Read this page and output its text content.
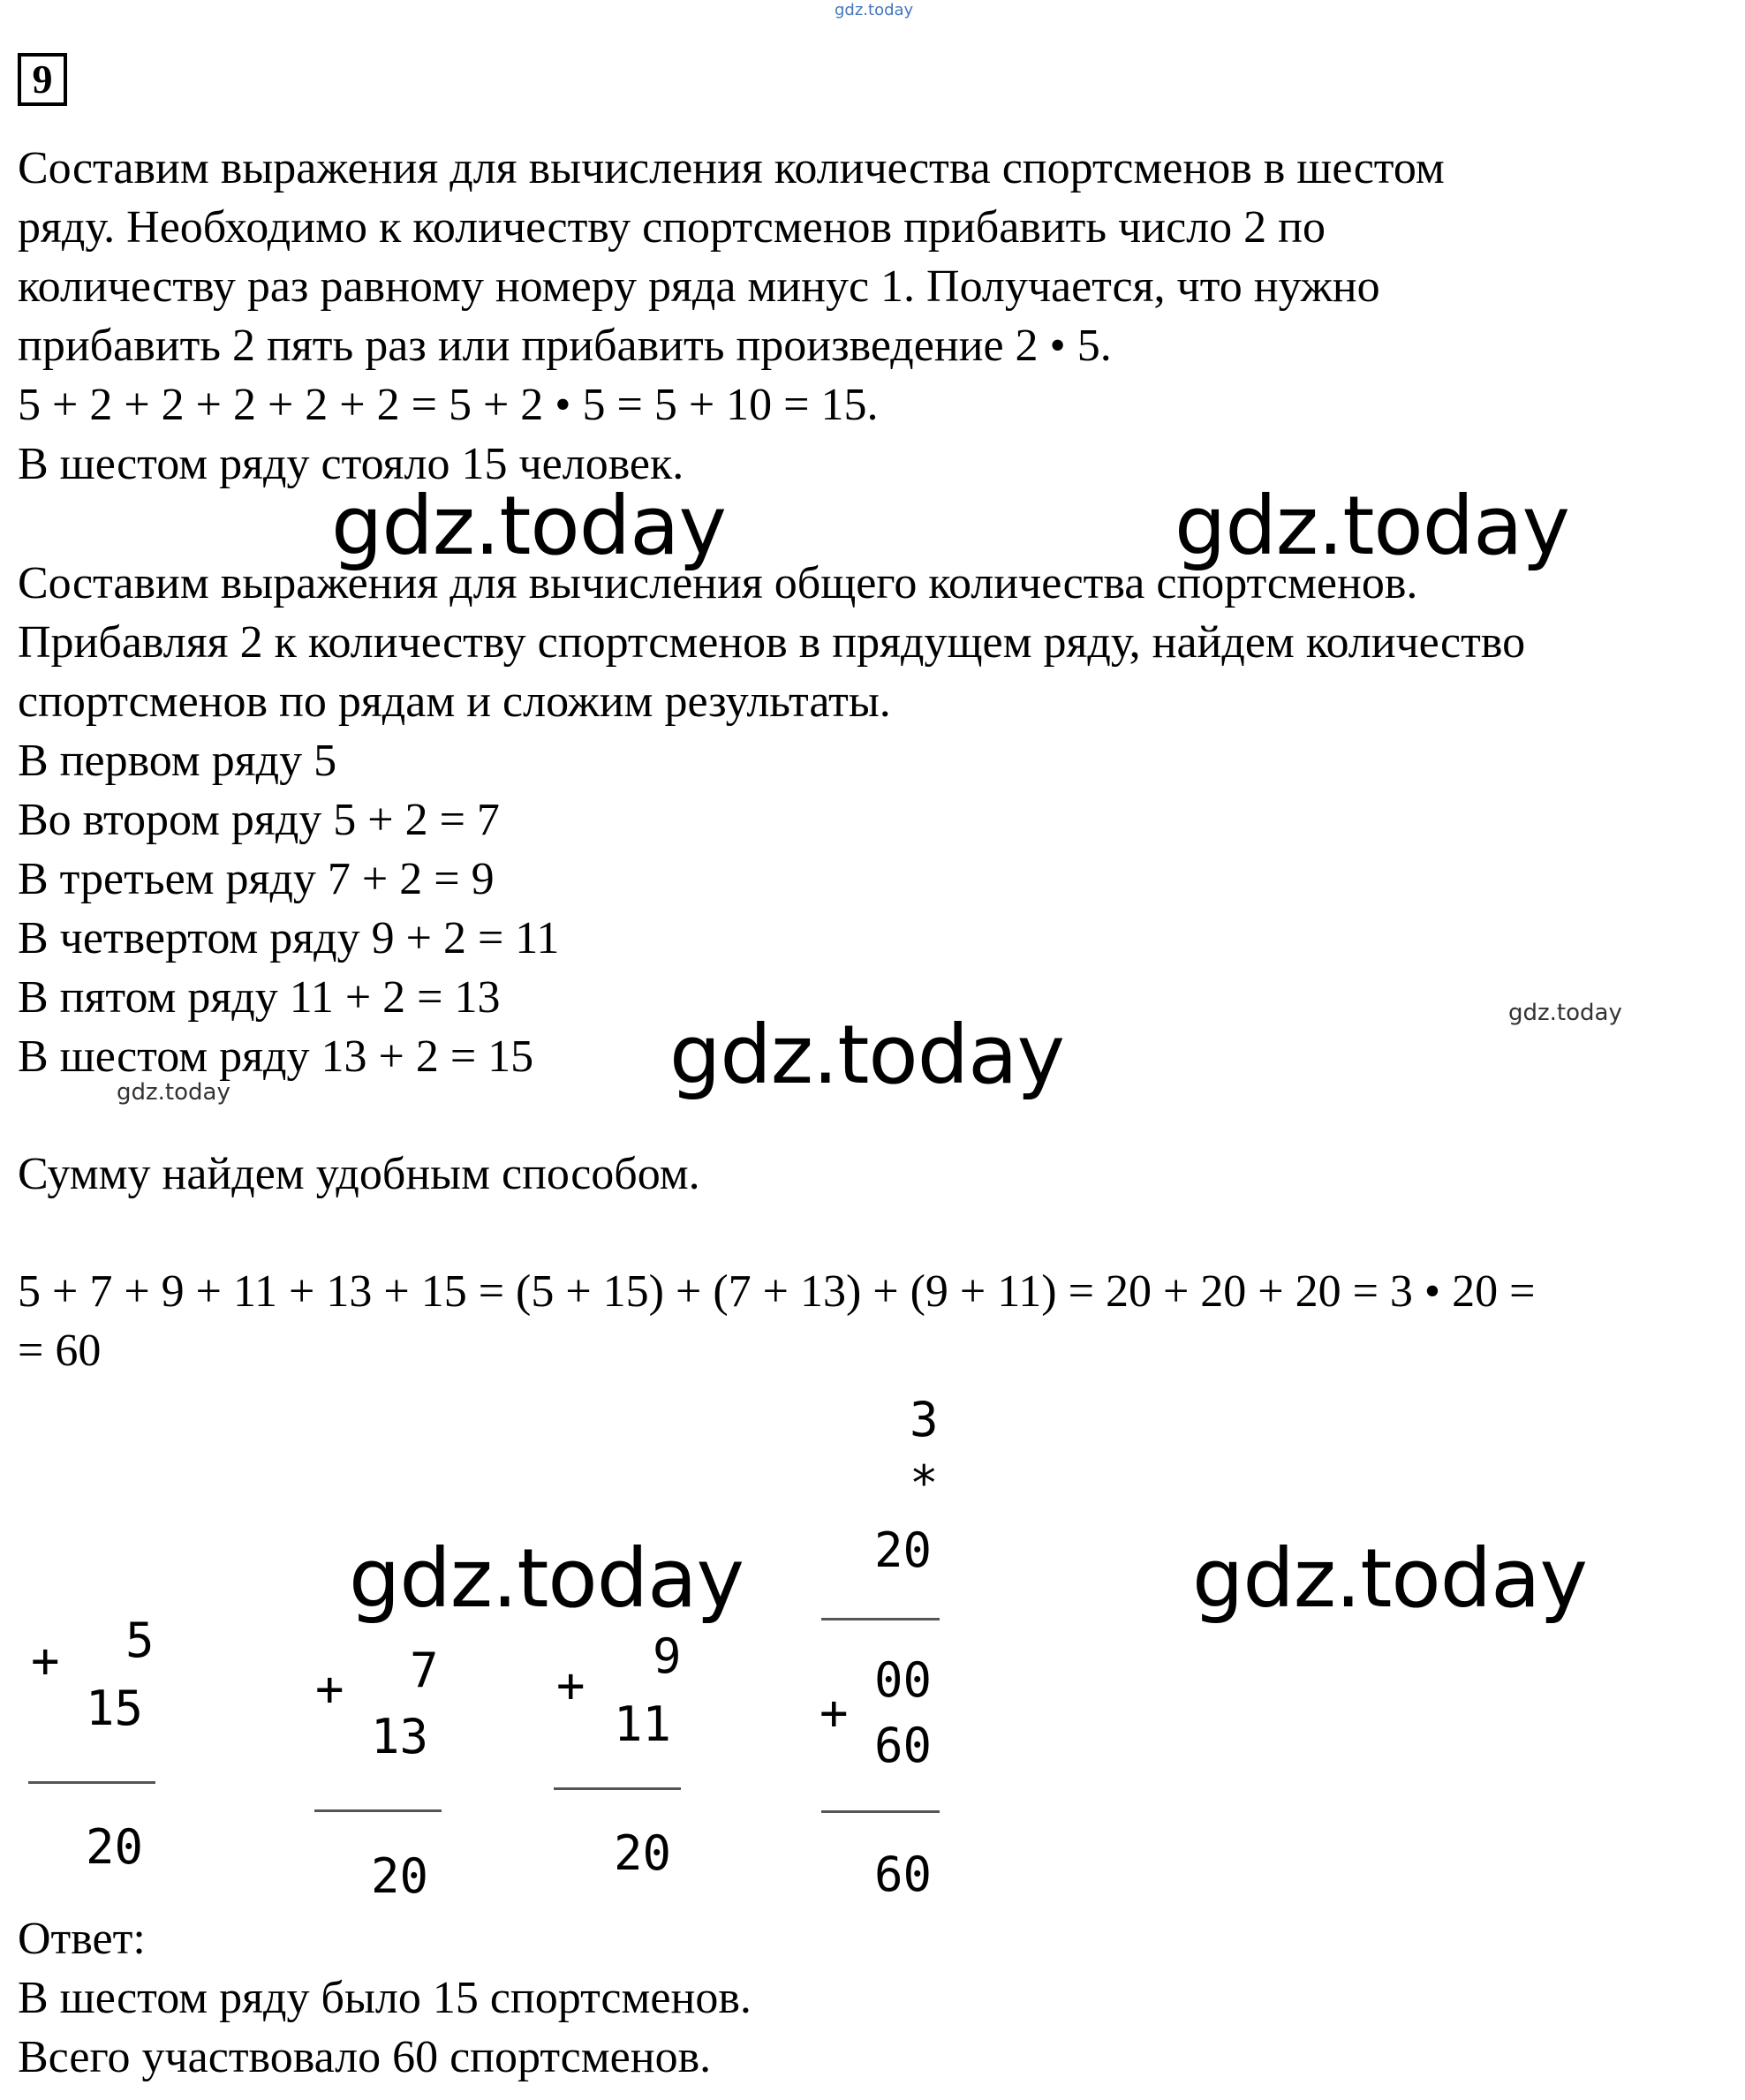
gdz.today
9

Составим выражения для вычисления количества спортсменов в шестом

ряду. Необходимо к количеству спортсменов прибавить число 2 по

количеству раз равному номеру ряда минус 1. Получается, что нужно

прибавить 2 пять раз или прибавить произведение 2 • 5.

5 + 2 + 2 + 2 + 2 + 2 = 5 + 2 • 5 = 5 + 10 = 15.

В шестом ряду стояло 15 человек.

gdz.today	gdz.today

Составим выражения для вычисления общего количества спортсменов.

Прибавляя 2 к количеству спортсменов в прядущем ряду, найдем количество

спортсменов по рядам и сложим результаты.

В первом ряду 5

Во втором ряду 5 + 2 = 7

В третьем ряду 7 + 2 = 9

В четвертом ряду 9 + 2 = 11

В пятом ряду 11 + 2 = 13

В шестом ряду 13 + 2 = 15

gdz.today
gdz.today	gdz.today

Сумму найдем удобным способом.

5 + 7 + 9 + 11 + 13 + 15 = (5 + 15) + (7 + 13) + (9 + 11) = 20 + 20 + 20 = 3 • 20 =

= 60

5
+
15
20
7
+
13
20
9
+
11
20
3
*
20
00
+
60
60
gdz.today	gdz.today

Ответ:

В шестом ряду было 15 спортсменов.

Всего участвовало 60 спортсменов.
